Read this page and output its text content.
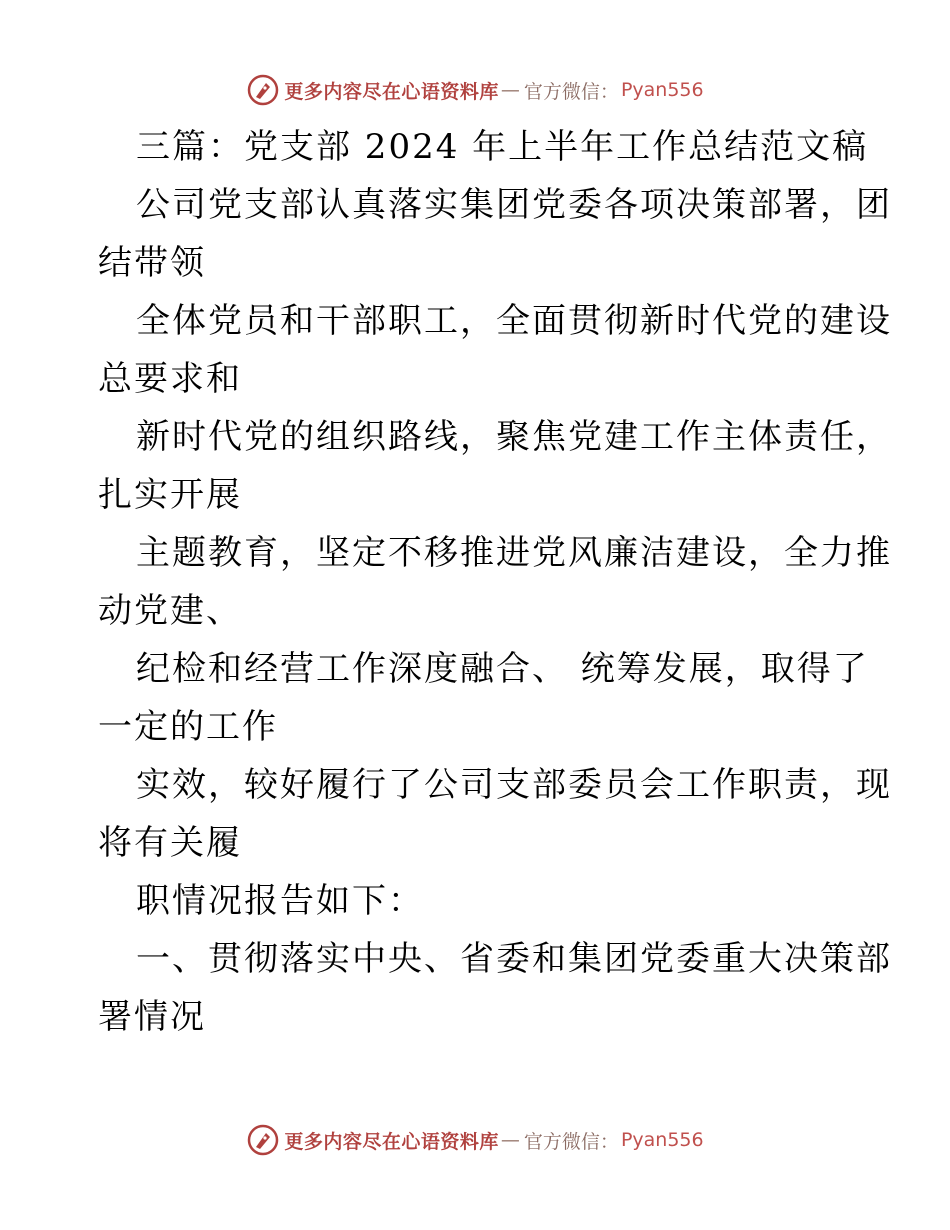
更多内容尽在心语资料库 — 官方微信： Pyan556
三篇：党支部 2024 年上半年工作总结范文稿
公司党支部认真落实集团党委各项决策部署，团
结带领
全体党员和干部职工，全面贯彻新时代党的建设
总要求和
新时代党的组织路线，聚焦党建工作主体责任，
扎实开展
主题教育，坚定不移推进党风廉洁建设，全力推
动党建、
纪检和经营工作深度融合、 统筹发展，取得了
一定的工作
实效，较好履行了公司支部委员会工作职责，现
将有关履
职情况报告如下：
一、贯彻落实中央、省委和集团党委重大决策部
署情况
更多内容尽在心语资料库 — 官方微信： Pyan556
